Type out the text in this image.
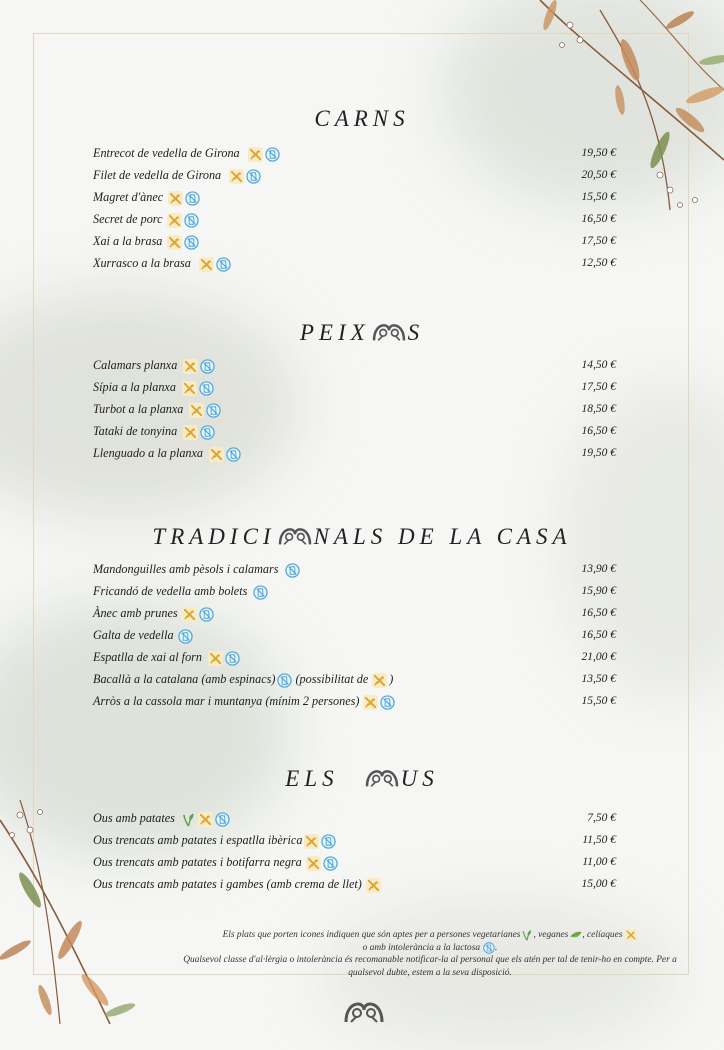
CARNS
Entrecot de vedella de Girona	19,50 €
Filet de vedella de Girona	20,50 €
Magret d'ànec	15,50 €
Secret de porc	16,50 €
Xai a la brasa	17,50 €
Xurrasco a la brasa	12,50 €
PEIX S
Calamars planxa	14,50 €
Sípia a la planxa	17,50 €
Turbot a la planxa	18,50 €
Tataki de tonyina	16,50 €
Llenguado a la planxa	19,50 €
TRADICI NALS DE LA CASA
Mandonguilles amb pèsols i calamars	13,90 €
Fricandó de vedella amb bolets	15,90 €
Ànec amb prunes	16,50 €
Galta de vedella	16,50 €
Espatlla de xai al forn	21,00 €
Bacallà a la catalana (amb espinacs) (possibilitat de )	13,50 €
Arròs a la cassola mar i muntanya (mínim 2 persones)	15,50 €
ELS	US
Ous amb patates	7,50 €
Ous trencats amb patates i espatlla ibèrica	11,50 €
Ous trencats amb patates i botifarra negra	11,00 €
Ous trencats amb patates i gambes (amb crema de llet)	15,00 €

Els plats que porten icones indiquen que són aptes per a persones vegetarianes , veganes , celíaques

o amb intolerància a la lactosa .

Qualsevol classe d'al·lèrgia o intolerància és recomanable notificar-la al personal que els atén per tal de tenir-ho en compte. Per a qualsevol dubte, estem a la seva disposició.
